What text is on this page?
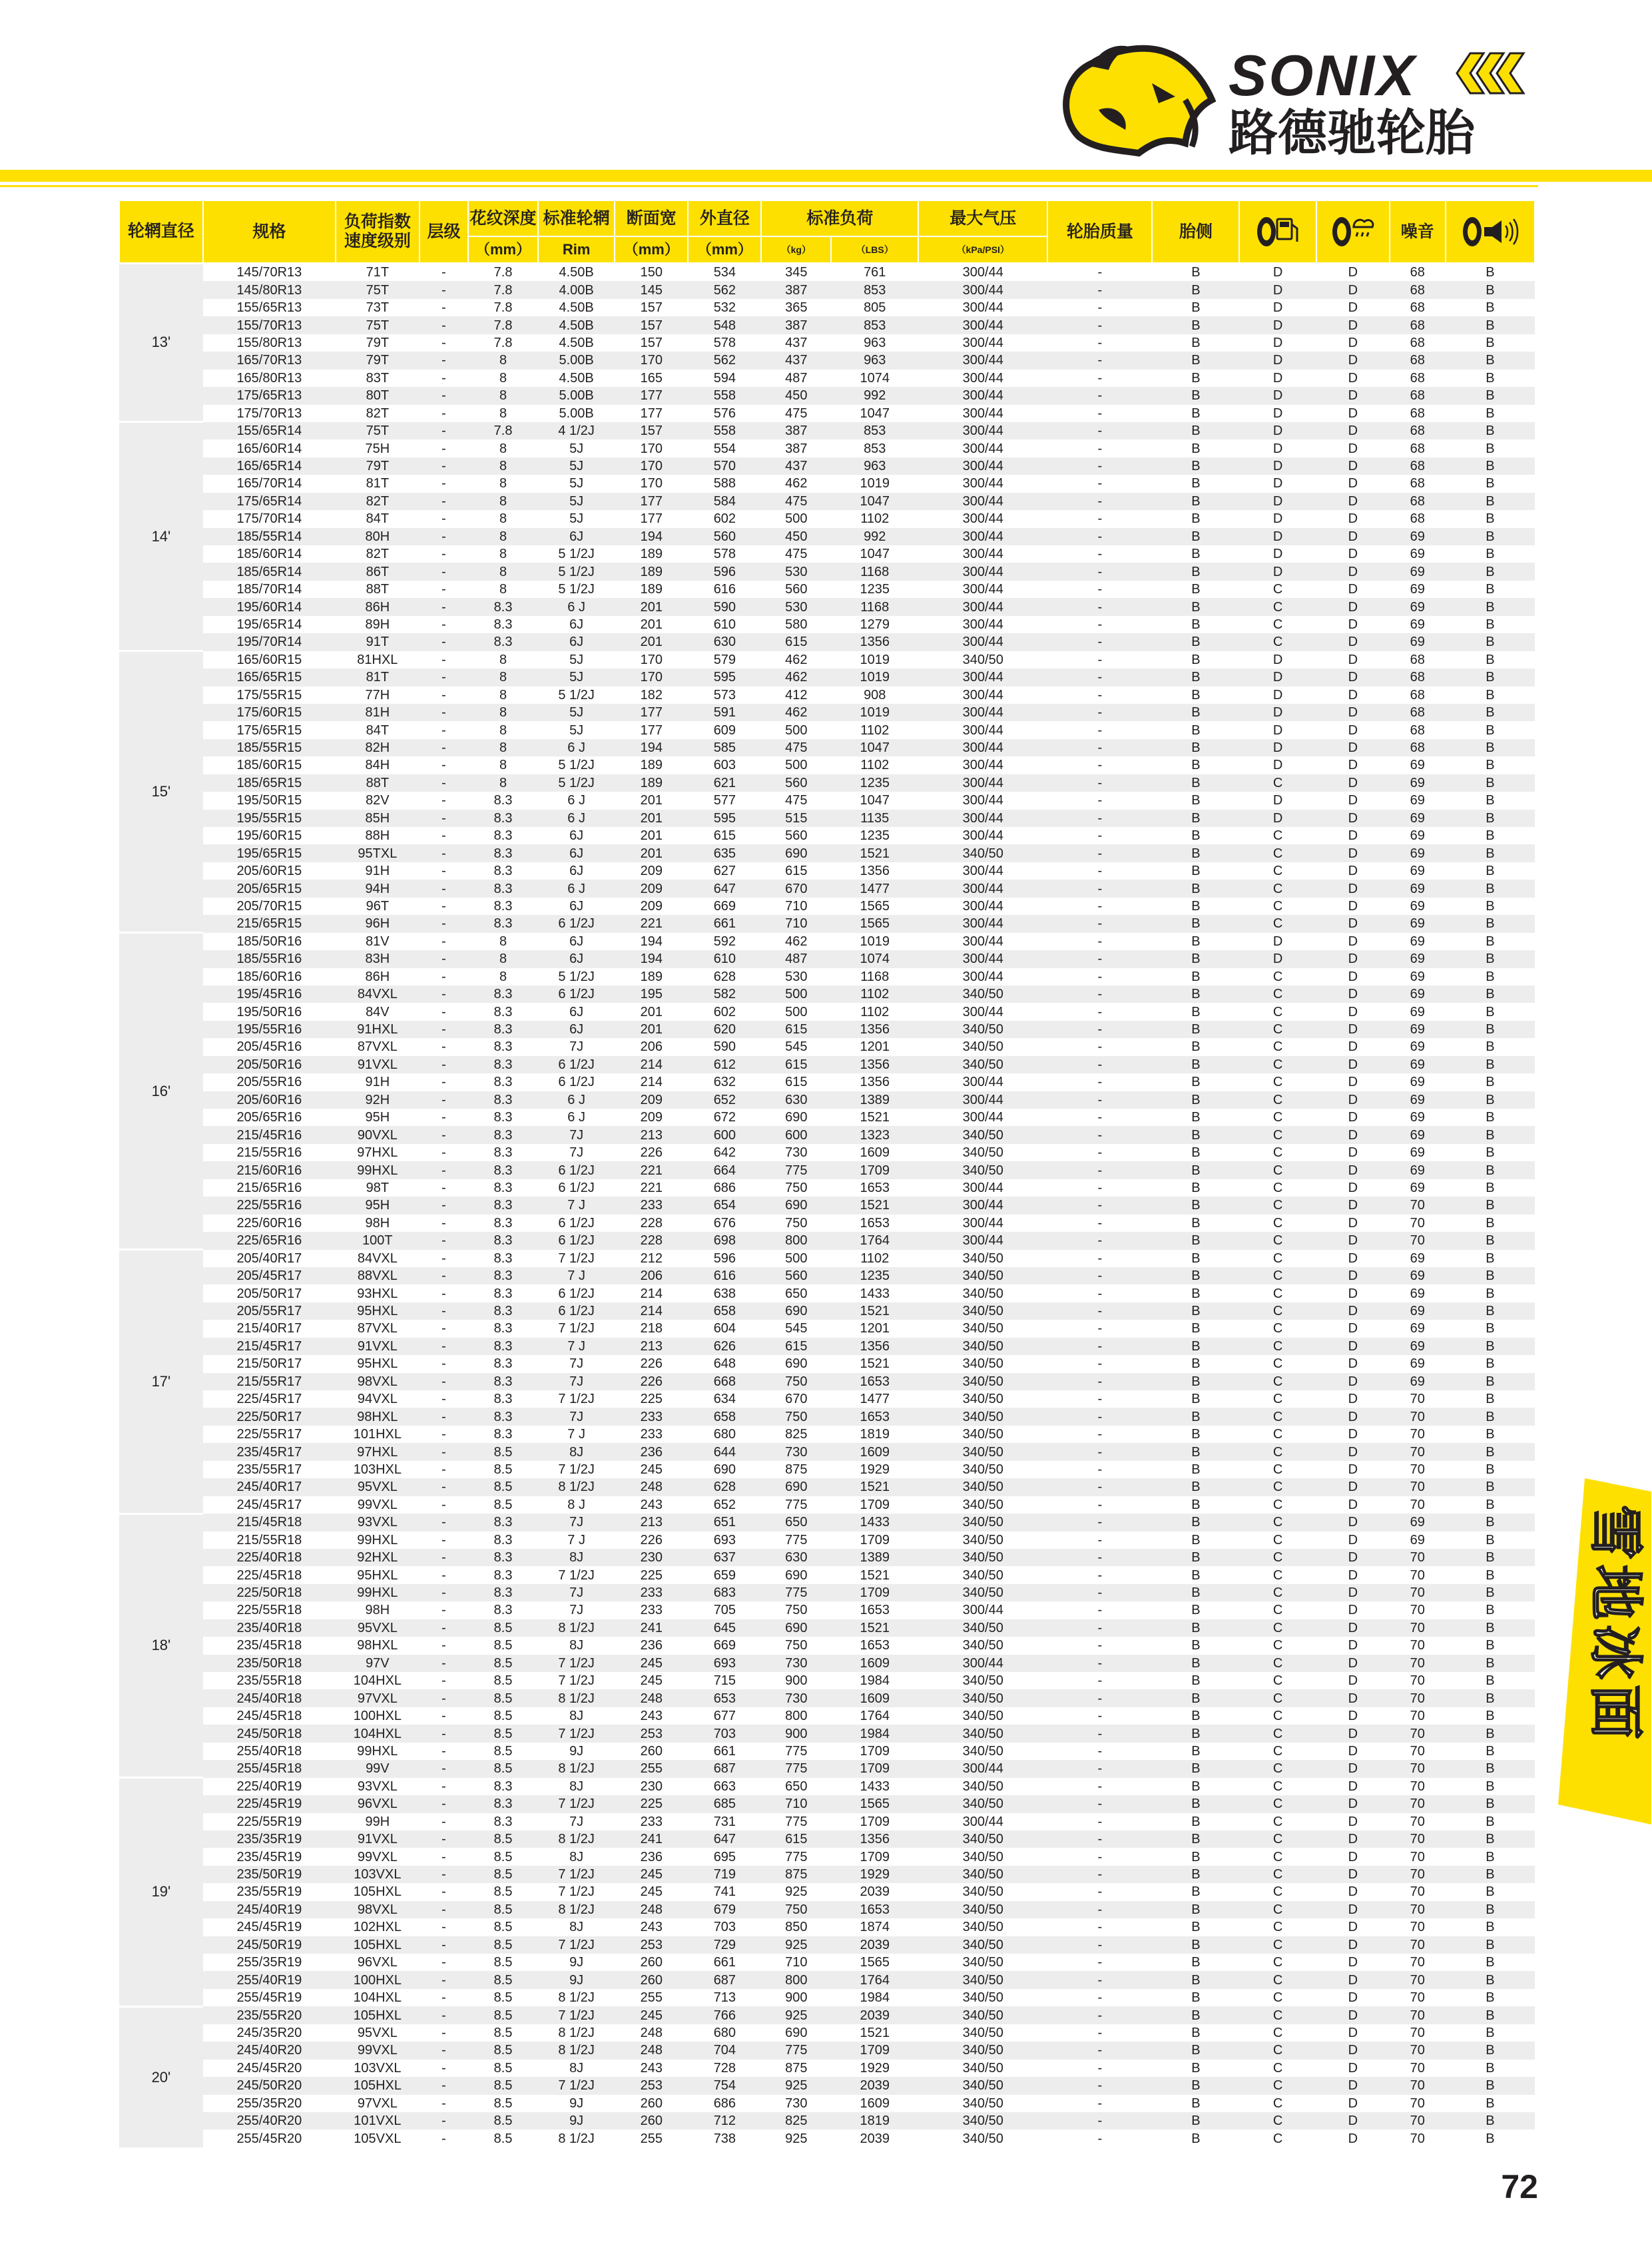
SONIX
路德驰轮胎
轮辋直径	规格	负荷指数速度级别	层级	花纹深度	标准轮辋	断面宽	外直径	标准负荷		最大气压	轮胎质量	胎侧			噪音	

				（mm）	Rim	（mm）	（mm）	（kg）	（LBS）	（kPa/PSI）						
13'	145/70R13	71T	-	7.8	4.50B	150	534	345	761	300/44	-	B	D	D	68	B
	145/80R13	75T	-	7.8	4.00B	145	562	387	853	300/44	-	B	D	D	68	B
	155/65R13	73T	-	7.8	4.50B	157	532	365	805	300/44	-	B	D	D	68	B
	155/70R13	75T	-	7.8	4.50B	157	548	387	853	300/44	-	B	D	D	68	B
	155/80R13	79T	-	7.8	4.50B	157	578	437	963	300/44	-	B	D	D	68	B
	165/70R13	79T	-	8	5.00B	170	562	437	963	300/44	-	B	D	D	68	B
	165/80R13	83T	-	8	4.50B	165	594	487	1074	300/44	-	B	D	D	68	B
	175/65R13	80T	-	8	5.00B	177	558	450	992	300/44	-	B	D	D	68	B
	175/70R13	82T	-	8	5.00B	177	576	475	1047	300/44	-	B	D	D	68	B
14'	155/65R14	75T	-	7.8	4 1/2J	157	558	387	853	300/44	-	B	D	D	68	B
	165/60R14	75H	-	8	5J	170	554	387	853	300/44	-	B	D	D	68	B
	165/65R14	79T	-	8	5J	170	570	437	963	300/44	-	B	D	D	68	B
	165/70R14	81T	-	8	5J	170	588	462	1019	300/44	-	B	D	D	68	B
	175/65R14	82T	-	8	5J	177	584	475	1047	300/44	-	B	D	D	68	B
	175/70R14	84T	-	8	5J	177	602	500	1102	300/44	-	B	D	D	68	B
	185/55R14	80H	-	8	6J	194	560	450	992	300/44	-	B	D	D	69	B
	185/60R14	82T	-	8	5 1/2J	189	578	475	1047	300/44	-	B	D	D	69	B
	185/65R14	86T	-	8	5 1/2J	189	596	530	1168	300/44	-	B	D	D	69	B
	185/70R14	88T	-	8	5 1/2J	189	616	560	1235	300/44	-	B	C	D	69	B
	195/60R14	86H	-	8.3	6 J	201	590	530	1168	300/44	-	B	C	D	69	B
	195/65R14	89H	-	8.3	6J	201	610	580	1279	300/44	-	B	C	D	69	B
	195/70R14	91T	-	8.3	6J	201	630	615	1356	300/44	-	B	C	D	69	B
15'	165/60R15	81HXL	-	8	5J	170	579	462	1019	340/50	-	B	D	D	68	B
	165/65R15	81T	-	8	5J	170	595	462	1019	300/44	-	B	D	D	68	B
	175/55R15	77H	-	8	5 1/2J	182	573	412	908	300/44	-	B	D	D	68	B
	175/60R15	81H	-	8	5J	177	591	462	1019	300/44	-	B	D	D	68	B
	175/65R15	84T	-	8	5J	177	609	500	1102	300/44	-	B	D	D	68	B
	185/55R15	82H	-	8	6 J	194	585	475	1047	300/44	-	B	D	D	68	B
	185/60R15	84H	-	8	5 1/2J	189	603	500	1102	300/44	-	B	D	D	69	B
	185/65R15	88T	-	8	5 1/2J	189	621	560	1235	300/44	-	B	C	D	69	B
	195/50R15	82V	-	8.3	6 J	201	577	475	1047	300/44	-	B	D	D	69	B
	195/55R15	85H	-	8.3	6 J	201	595	515	1135	300/44	-	B	D	D	69	B
	195/60R15	88H	-	8.3	6J	201	615	560	1235	300/44	-	B	C	D	69	B
	195/65R15	95TXL	-	8.3	6J	201	635	690	1521	340/50	-	B	C	D	69	B
	205/60R15	91H	-	8.3	6J	209	627	615	1356	300/44	-	B	C	D	69	B
	205/65R15	94H	-	8.3	6 J	209	647	670	1477	300/44	-	B	C	D	69	B
	205/70R15	96T	-	8.3	6J	209	669	710	1565	300/44	-	B	C	D	69	B
	215/65R15	96H	-	8.3	6 1/2J	221	661	710	1565	300/44	-	B	C	D	69	B
16'	185/50R16	81V	-	8	6J	194	592	462	1019	300/44	-	B	D	D	69	B
	185/55R16	83H	-	8	6J	194	610	487	1074	300/44	-	B	D	D	69	B
	185/60R16	86H	-	8	5 1/2J	189	628	530	1168	300/44	-	B	C	D	69	B
	195/45R16	84VXL	-	8.3	6 1/2J	195	582	500	1102	340/50	-	B	C	D	69	B
	195/50R16	84V	-	8.3	6J	201	602	500	1102	300/44	-	B	C	D	69	B
	195/55R16	91HXL	-	8.3	6J	201	620	615	1356	340/50	-	B	C	D	69	B
	205/45R16	87VXL	-	8.3	7J	206	590	545	1201	340/50	-	B	C	D	69	B
	205/50R16	91VXL	-	8.3	6 1/2J	214	612	615	1356	340/50	-	B	C	D	69	B
	205/55R16	91H	-	8.3	6 1/2J	214	632	615	1356	300/44	-	B	C	D	69	B
	205/60R16	92H	-	8.3	6 J	209	652	630	1389	300/44	-	B	C	D	69	B
	205/65R16	95H	-	8.3	6 J	209	672	690	1521	300/44	-	B	C	D	69	B
	215/45R16	90VXL	-	8.3	7J	213	600	600	1323	340/50	-	B	C	D	69	B
	215/55R16	97HXL	-	8.3	7J	226	642	730	1609	340/50	-	B	C	D	69	B
	215/60R16	99HXL	-	8.3	6 1/2J	221	664	775	1709	340/50	-	B	C	D	69	B
	215/65R16	98T	-	8.3	6 1/2J	221	686	750	1653	300/44	-	B	C	D	69	B
	225/55R16	95H	-	8.3	7 J	233	654	690	1521	300/44	-	B	C	D	70	B
	225/60R16	98H	-	8.3	6 1/2J	228	676	750	1653	300/44	-	B	C	D	70	B
	225/65R16	100T	-	8.3	6 1/2J	228	698	800	1764	300/44	-	B	C	D	70	B
17'	205/40R17	84VXL	-	8.3	7 1/2J	212	596	500	1102	340/50	-	B	C	D	69	B
	205/45R17	88VXL	-	8.3	7 J	206	616	560	1235	340/50	-	B	C	D	69	B
	205/50R17	93HXL	-	8.3	6 1/2J	214	638	650	1433	340/50	-	B	C	D	69	B
	205/55R17	95HXL	-	8.3	6 1/2J	214	658	690	1521	340/50	-	B	C	D	69	B
	215/40R17	87VXL	-	8.3	7 1/2J	218	604	545	1201	340/50	-	B	C	D	69	B
	215/45R17	91VXL	-	8.3	7 J	213	626	615	1356	340/50	-	B	C	D	69	B
	215/50R17	95HXL	-	8.3	7J	226	648	690	1521	340/50	-	B	C	D	69	B
	215/55R17	98VXL	-	8.3	7J	226	668	750	1653	340/50	-	B	C	D	69	B
	225/45R17	94VXL	-	8.3	7 1/2J	225	634	670	1477	340/50	-	B	C	D	70	B
	225/50R17	98HXL	-	8.3	7J	233	658	750	1653	340/50	-	B	C	D	70	B
	225/55R17	101HXL	-	8.3	7 J	233	680	825	1819	340/50	-	B	C	D	70	B
	235/45R17	97HXL	-	8.5	8J	236	644	730	1609	340/50	-	B	C	D	70	B
	235/55R17	103HXL	-	8.5	7 1/2J	245	690	875	1929	340/50	-	B	C	D	70	B
	245/40R17	95VXL	-	8.5	8 1/2J	248	628	690	1521	340/50	-	B	C	D	70	B
	245/45R17	99VXL	-	8.5	8 J	243	652	775	1709	340/50	-	B	C	D	70	B
18'	215/45R18	93VXL	-	8.3	7J	213	651	650	1433	340/50	-	B	C	D	69	B
	215/55R18	99HXL	-	8.3	7 J	226	693	775	1709	340/50	-	B	C	D	69	B
	225/40R18	92HXL	-	8.3	8J	230	637	630	1389	340/50	-	B	C	D	70	B
	225/45R18	95HXL	-	8.3	7 1/2J	225	659	690	1521	340/50	-	B	C	D	70	B
	225/50R18	99HXL	-	8.3	7J	233	683	775	1709	340/50	-	B	C	D	70	B
	225/55R18	98H	-	8.3	7J	233	705	750	1653	300/44	-	B	C	D	70	B
	235/40R18	95VXL	-	8.5	8 1/2J	241	645	690	1521	340/50	-	B	C	D	70	B
	235/45R18	98HXL	-	8.5	8J	236	669	750	1653	340/50	-	B	C	D	70	B
	235/50R18	97V	-	8.5	7 1/2J	245	693	730	1609	300/44	-	B	C	D	70	B
	235/55R18	104HXL	-	8.5	7 1/2J	245	715	900	1984	340/50	-	B	C	D	70	B
	245/40R18	97VXL	-	8.5	8 1/2J	248	653	730	1609	340/50	-	B	C	D	70	B
	245/45R18	100HXL	-	8.5	8J	243	677	800	1764	340/50	-	B	C	D	70	B
	245/50R18	104HXL	-	8.5	7 1/2J	253	703	900	1984	340/50	-	B	C	D	70	B
	255/40R18	99HXL	-	8.5	9J	260	661	775	1709	340/50	-	B	C	D	70	B
	255/45R18	99V	-	8.5	8 1/2J	255	687	775	1709	300/44	-	B	C	D	70	B
19'	225/40R19	93VXL	-	8.3	8J	230	663	650	1433	340/50	-	B	C	D	70	B
	225/45R19	96VXL	-	8.3	7 1/2J	225	685	710	1565	340/50	-	B	C	D	70	B
	225/55R19	99H	-	8.3	7J	233	731	775	1709	300/44	-	B	C	D	70	B
	235/35R19	91VXL	-	8.5	8 1/2J	241	647	615	1356	340/50	-	B	C	D	70	B
	235/45R19	99VXL	-	8.5	8J	236	695	775	1709	340/50	-	B	C	D	70	B
	235/50R19	103VXL	-	8.5	7 1/2J	245	719	875	1929	340/50	-	B	C	D	70	B
	235/55R19	105HXL	-	8.5	7 1/2J	245	741	925	2039	340/50	-	B	C	D	70	B
	245/40R19	98VXL	-	8.5	8 1/2J	248	679	750	1653	340/50	-	B	C	D	70	B
	245/45R19	102HXL	-	8.5	8J	243	703	850	1874	340/50	-	B	C	D	70	B
	245/50R19	105HXL	-	8.5	7 1/2J	253	729	925	2039	340/50	-	B	C	D	70	B
	255/35R19	96VXL	-	8.5	9J	260	661	710	1565	340/50	-	B	C	D	70	B
	255/40R19	100HXL	-	8.5	9J	260	687	800	1764	340/50	-	B	C	D	70	B
	255/45R19	104HXL	-	8.5	8 1/2J	255	713	900	1984	340/50	-	B	C	D	70	B
20'	235/55R20	105HXL	-	8.5	7 1/2J	245	766	925	2039	340/50	-	B	C	D	70	B
	245/35R20	95VXL	-	8.5	8 1/2J	248	680	690	1521	340/50	-	B	C	D	70	B
	245/40R20	99VXL	-	8.5	8 1/2J	248	704	775	1709	340/50	-	B	C	D	70	B
	245/45R20	103VXL	-	8.5	8J	243	728	875	1929	340/50	-	B	C	D	70	B
	245/50R20	105HXL	-	8.5	7 1/2J	253	754	925	2039	340/50	-	B	C	D	70	B
	255/35R20	97VXL	-	8.5	9J	260	686	730	1609	340/50	-	B	C	D	70	B
	255/40R20	101VXL	-	8.5	9J	260	712	825	1819	340/50	-	B	C	D	70	B
	255/45R20	105VXL	-	8.5	8 1/2J	255	738	925	2039	340/50	-	B	C	D	70	B
雪地冰面
72
